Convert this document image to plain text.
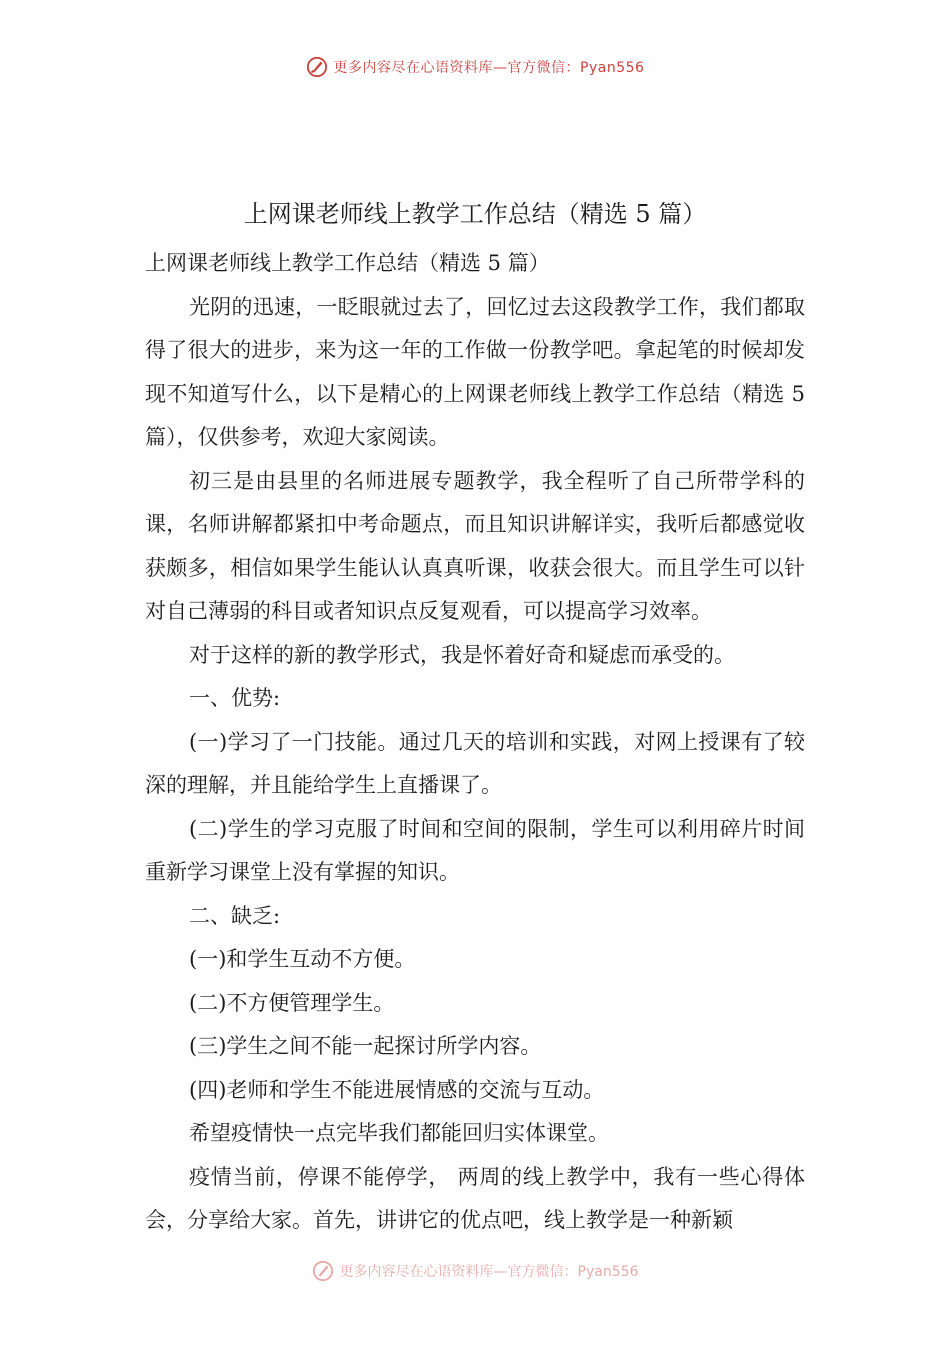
更多内容尽在心语资料库—官方微信：Pyan556
上网课老师线上教学工作总结（精选 5 篇）

上网课老师线上教学工作总结（精选 5 篇）

光阴的迅速，一眨眼就过去了，回忆过去这段教学工作，我们都取得了很大的进步，来为这一年的工作做一份教学吧。拿起笔的时候却发现不知道写什么，以下是精心的上网课老师线上教学工作总结（精选 5 篇），仅供参考，欢迎大家阅读。

初三是由县里的名师进展专题教学，我全程听了自己所带学科的课，名师讲解都紧扣中考命题点，而且知识讲解详实，我听后都感觉收获颇多，相信如果学生能认认真真听课，收获会很大。而且学生可以针对自己薄弱的科目或者知识点反复观看，可以提高学习效率。

对于这样的新的教学形式，我是怀着好奇和疑虑而承受的。

一、优势:

(一)学习了一门技能。通过几天的培训和实践，对网上授课有了较深的理解，并且能给学生上直播课了。

(二)学生的学习克服了时间和空间的限制，学生可以利用碎片时间重新学习课堂上没有掌握的知识。

二、缺乏:

(一)和学生互动不方便。

(二)不方便管理学生。

(三)学生之间不能一起探讨所学内容。

(四)老师和学生不能进展情感的交流与互动。

希望疫情快一点完毕我们都能回归实体课堂。

疫情当前，停课不能停学， 两周的线上教学中，我有一些心得体会，分享给大家。首先，讲讲它的优点吧，线上教学是一种新颖

更多内容尽在心语资料库—官方微信：Pyan556
